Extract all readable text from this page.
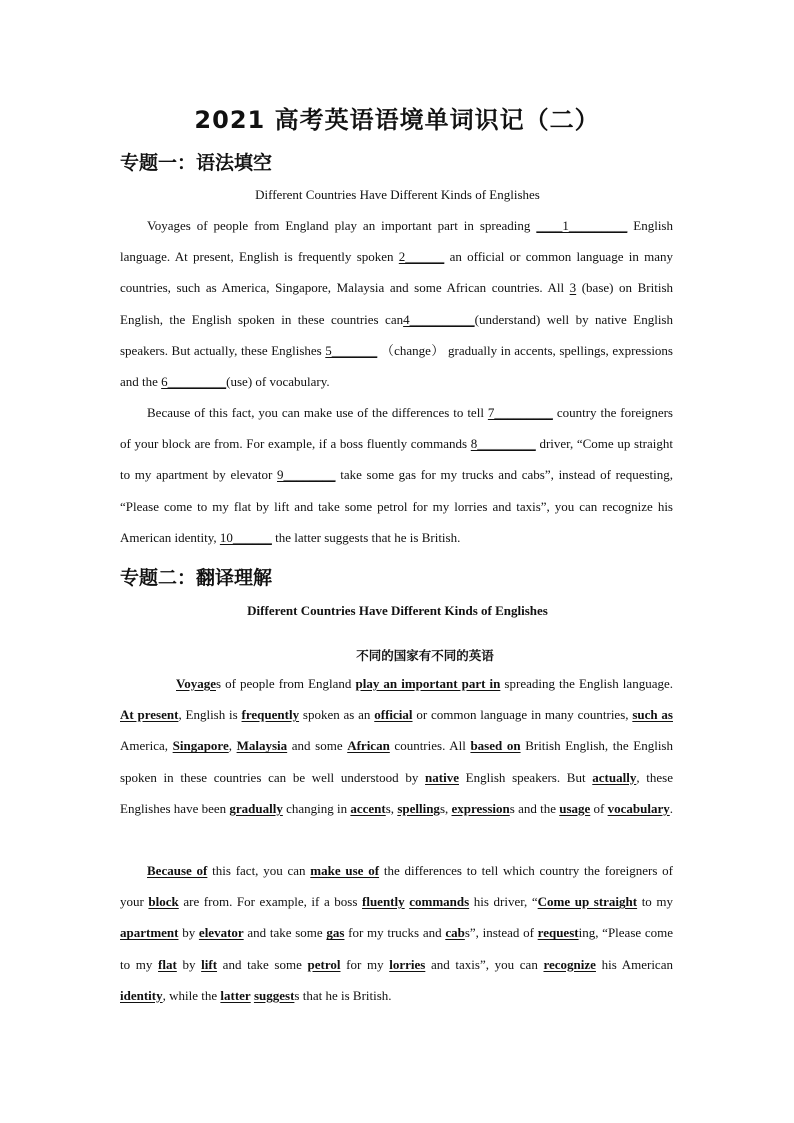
2021 高考英语语境单词识记（二）
专题一：语法填空
Different Countries Have Different Kinds of Englishes
Voyages of people from England play an important part in spreading ____1_________ English language. At present, English is frequently spoken 2______ an official or common language in many countries, such as America, Singapore, Malaysia and some African countries. All 3 (base) on British English, the English spoken in these countries can4__________(understand) well by native English speakers. But actually, these Englishes 5_______ （change） gradually in accents, spellings, expressions and the 6_________(use) of vocabulary.
Because of this fact, you can make use of the differences to tell 7_________ country the foreigners of your block are from. For example, if a boss fluently commands 8_________ driver, “Come up straight to my apartment by elevator 9________ take some gas for my trucks and cabs”, instead of requesting, “Please come to my flat by lift and take some petrol for my lorries and taxis”, you can recognize his American identity, 10______ the latter suggests that he is British.
专题二：翻译理解
Different Countries Have Different Kinds of Englishes
不同的国家有不同的英语
Voyages of people from England play an important part in spreading the English language. At present, English is frequently spoken as an official or common language in many countries, such as America, Singapore, Malaysia and some African countries. All based on British English, the English spoken in these countries can be well understood by native English speakers. But actually, these Englishes have been gradually changing in accents, spellings, expressions and the usage of vocabulary.
Because of this fact, you can make use of the differences to tell which country the foreigners of your block are from. For example, if a boss fluently commands his driver, “Come up straight to my apartment by elevator and take some gas for my trucks and cabs”, instead of requesting, “Please come to my flat by lift and take some petrol for my lorries and taxis”, you can recognize his American identity, while the latter suggests that he is British.
